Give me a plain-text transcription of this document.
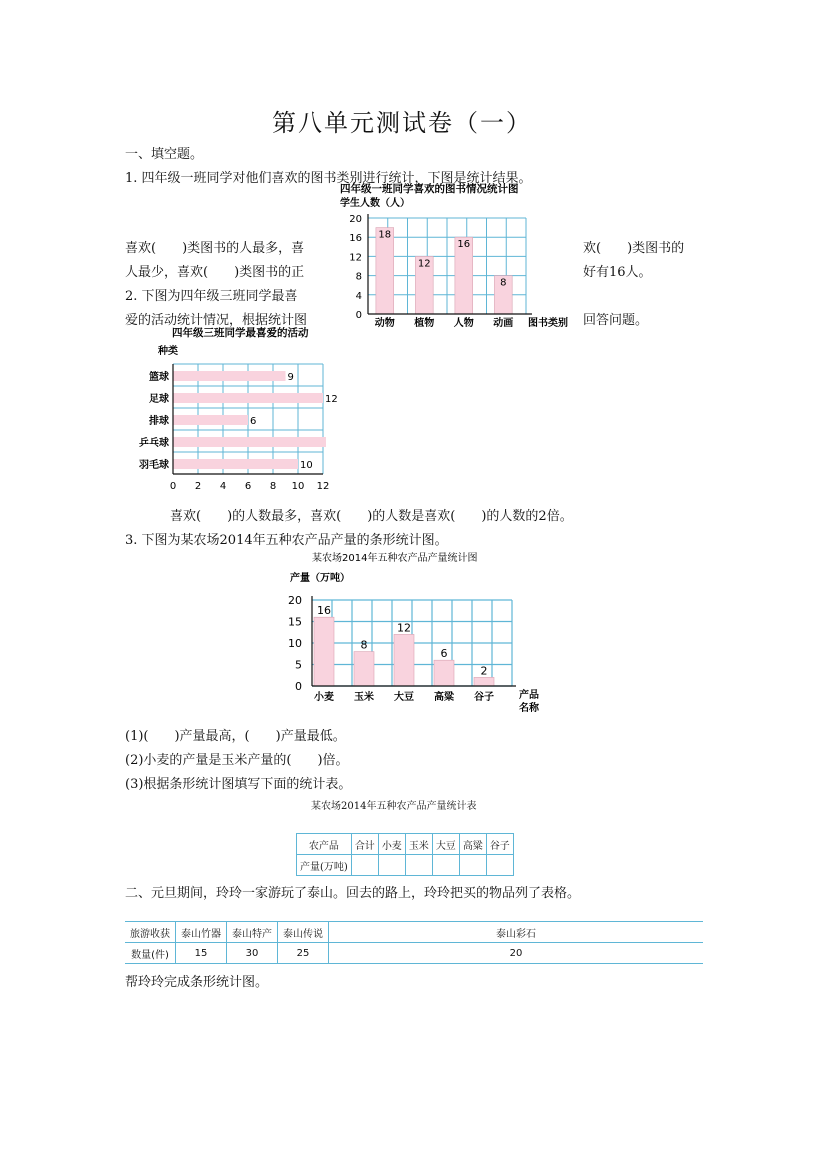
第八单元测试卷（一）
一、填空题。
1. 四年级一班同学对他们喜欢的图书类别进行统计，下图是统计结果。
四年级一班同学喜欢的图书情况统计图
学生人数（人）
18
12
16
8
0
4
8
12
16
20
动物 植物 人物 动画 图书类别
喜欢(　　)类图书的人最多，喜	欢(　　)类图书的
人最少，喜欢(　　)类图书的正	好有16人。
2. 下图为四年级三班同学最喜
爱的活动统计情况，根据统计图	回答问题。
四年级三班同学最喜爱的活动
种类
9
12
6
10
篮球
足球
排球
乒乓球
羽毛球
0 2 4 6 8 10 12
喜欢(　　)的人数最多，喜欢(　　)的人数是喜欢(　　)的人数的2倍。
3. 下图为某农场2014年五种农产品产量的条形统计图。
某农场2014年五种农产品产量统计图
产量（万吨）
16
8
12
6
2
0
5
10
15
20
小麦 玉米 大豆 高粱 谷子	产品
名称
(1)(　　)产量最高，(　　)产量最低。
(2)小麦的产量是玉米产量的(　　)倍。
(3)根据条形统计图填写下面的统计表。
某农场2014年五种农产品产量统计表
农产品	合计	小麦	玉米	大豆	高粱	谷子
产量(万吨)						
二、元旦期间，玲玲一家游玩了泰山。回去的路上，玲玲把买的物品列了表格。
旅游收获	泰山竹器	泰山特产	泰山传说	泰山彩石
数量(件)	15	30	25	20
帮玲玲完成条形统计图。
